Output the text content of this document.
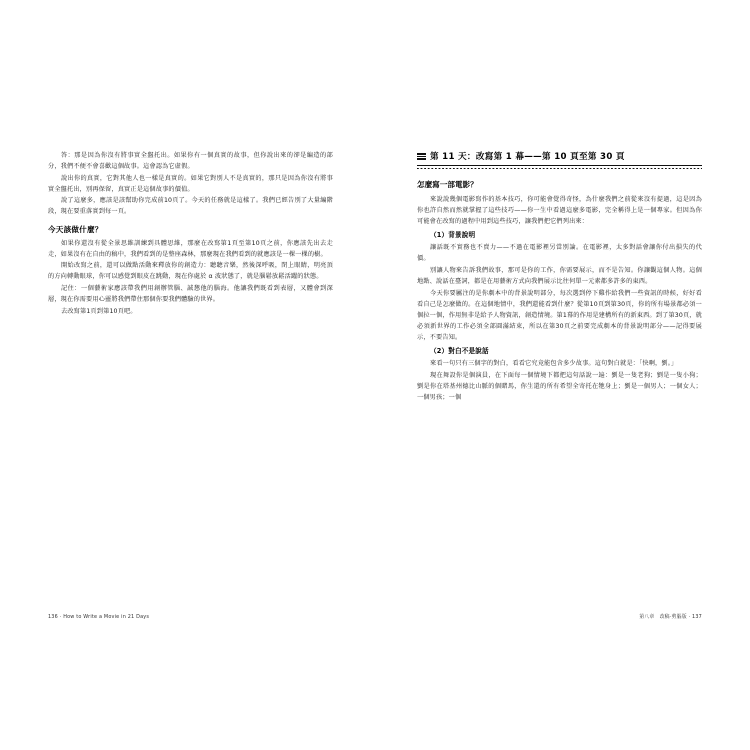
答：那是因為你沒有將事實全盤托出。如果你有一個真實的故事，但你說出來的卻是編造的部分，我們不便不會喜歡這個故事。這會認為它虛假。

說出你的真實，它對其他人也一樣是真實的。如果它對別人不是真實的，那只是因為你沒有將事實全盤托出，別再保留，真實正是這個故事的價值。

說了這麼多，應該是該幫助你完成前10頁了。今天的任務就是這樣了。我們已經告別了大量編階段，現在要重落實到每一頁。

今天該做什麼？

如果你還沒有從全景思維訓練到具體思維，那麼在改寫第1頁至第10頁之前，你應該先出去走走，如果沒有在自由的稿中，我們看到的是整座森林，那麼現在我們看到的就應該是一棵一棵的樹。

開始改寫之前，還可以做點活動來釋放你的創造力：聽聽音樂，然後深呼吸，閉上眼睛，明亮頂的方向轉動眼球，你可以感覺到眼皮在跳動，現在你處於 α 波狀態了，就是腦鬆放鬆活躍的狀態。

記住：一個藝術家應該帶我們用創辦管腦、誠懇他的腦海。他讓我們既看到表層，又體會到深層，現在你需要用心靈將我們帶住那個你要我們體驗的世界。

去改寫第1頁到第10頁吧。

136 · How to Write a Movie in 21 Days
第 11 天：改寫第 1 幕——第 10 頁至第 30 頁
怎麼寫一部電影？

來說說幾個電影寫作的基本技巧，你可能會覺得奇怪，為什麼我們之前從來沒有提過，這是因為你也許自然而然就掌握了這些技巧——你一生中看過這麼多電影，完全稱得上是一個專家。但因為你可能會在改寫的過程中用到這些技巧，讓我們把它們列出來：

（1）背景說明

讓話既不實務也不賣力——不過在電影裡另當別論。在電影裡，太多對話會讓你付出損失的代價。

別讓人物來告訴我們故事，那可是你的工作，你需要展示，而不是告知。你讓觀這個人物。這個地點、說話在臺詞，都是在用藝術方式向我們展示比往何單一元素都多許多的東西。

今天你要屬注的是你劇本中的背景說明部分，每次選到停下雞作給我們一些資訊的時候，好好看看自己是怎麼做的。在這個地情中，我們還能看到什麼？從第10頁到第30頁，你的所有場景都必須一個拉一個，作用無非是給予人物資訊，創造情境。第1幕的作用是建構所有的新東西。到了第30頁，就必須新世界的工作必須全部圓滿結束，所以在第30頁之前要完成劇本的背景說明部分——記得要展示，不要告知。

（2）對白不是說話

來看一句只有三個字的對白，看看它究竟能包含多少故事。這句對白就是：「快啊，劉。」

現在舞設你是個演員，在下面每一個情境下都把這句話說一遍：劉是一隻老狗；劉是一隻小狗；劉是你在塔基州德比山脈的個賭馬，你生還的所有希望全寄托在牠身上；劉是一個男人；一個女人；一個男孩；一個

第八章　改稿·剪腦版 · 137
